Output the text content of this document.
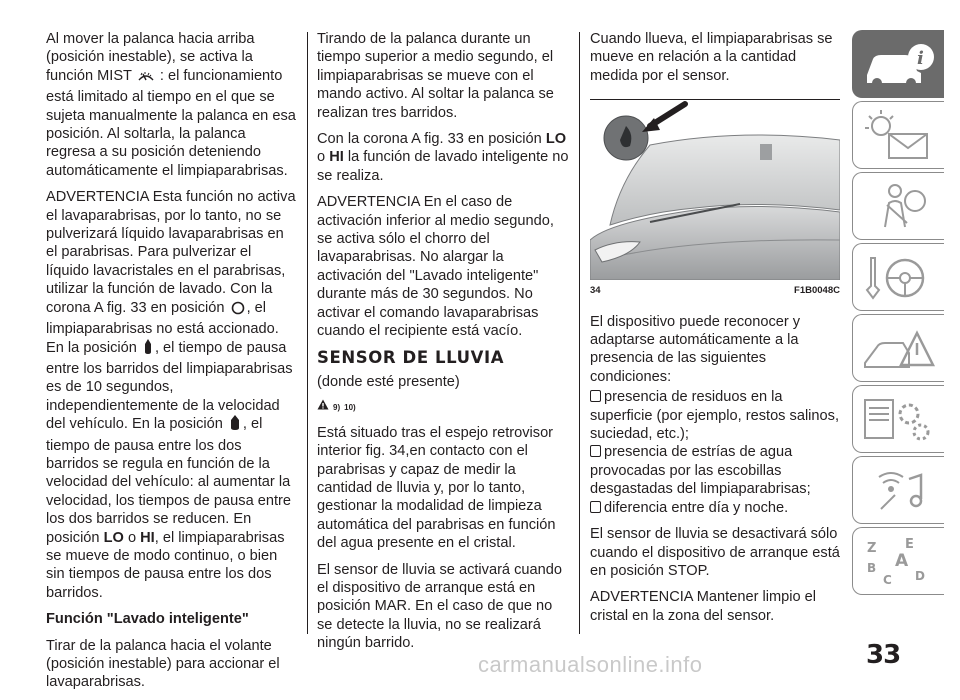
Al mover la palanca hacia arriba (posición inestable), se activa la función MIST : el funcionamiento está limitado al tiempo en el que se sujeta manualmente la palanca en esa posición. Al soltarla, la palanca regresa a su posición deteniendo automáticamente el limpiaparabrisas.

ADVERTENCIA Esta función no activa el lavaparabrisas, por lo tanto, no se pulverizará líquido lavaparabrisas en el parabrisas. Para pulverizar el líquido lavacristales en el parabrisas, utilizar la función de lavado. Con la corona A fig. 33 en posición , el limpiaparabrisas no está accionado. En la posición , el tiempo de pausa entre los barridos del limpiaparabrisas es de 10 segundos, independientemente de la velocidad del vehículo. En la posición , el tiempo de pausa entre los dos barridos se regula en función de la velocidad del vehículo: al aumentar la velocidad, los tiempos de pausa entre los dos barridos se reducen. En posición LO o HI, el limpiaparabrisas se mueve de modo continuo, o bien sin tiempos de pausa entre los dos barridos.

Función "Lavado inteligente"

Tirar de la palanca hacia el volante (posición inestable) para accionar el lavaparabrisas.

Tirando de la palanca durante un tiempo superior a medio segundo, el limpiaparabrisas se mueve con el mando activo. Al soltar la palanca se realizan tres barridos.

Con la corona A fig. 33 en posición LO o HI la función de lavado inteligente no se realiza.

ADVERTENCIA En el caso de activación inferior al medio segundo, se activa sólo el chorro del lavaparabrisas. No alargar la activación del "Lavado inteligente" durante más de 30 segundos. No activar el comando lavaparabrisas cuando el recipiente está vacío.

SENSOR DE LLUVIA

(donde esté presente)

9) 10)

Está situado tras el espejo retrovisor interior fig. 34,en contacto con el parabrisas y capaz de medir la cantidad de lluvia y, por lo tanto, gestionar la modalidad de limpieza automática del parabrisas en función del agua presente en el cristal.

El sensor de lluvia se activará cuando el dispositivo de arranque está en posición MAR. En el caso de que no se detecte la lluvia, no se realizará ningún barrido.

Cuando llueva, el limpiaparabrisas se mueve en relación a la cantidad medida por el sensor.

34	F1B0048C

El dispositivo puede reconocer y adaptarse automáticamente a la presencia de las siguientes condiciones:

presencia de residuos en la superficie (por ejemplo, restos salinos, suciedad, etc.);
presencia de estrías de agua provocadas por las escobillas desgastadas del limpiaparabrisas;
diferencia entre día y noche.

El sensor de lluvia se desactivará sólo cuando el dispositivo de arranque está en posición STOP.

ADVERTENCIA Mantener limpio el cristal en la zona del sensor.

i
Z E
A
B
C D
33
carmanualsonline.info
